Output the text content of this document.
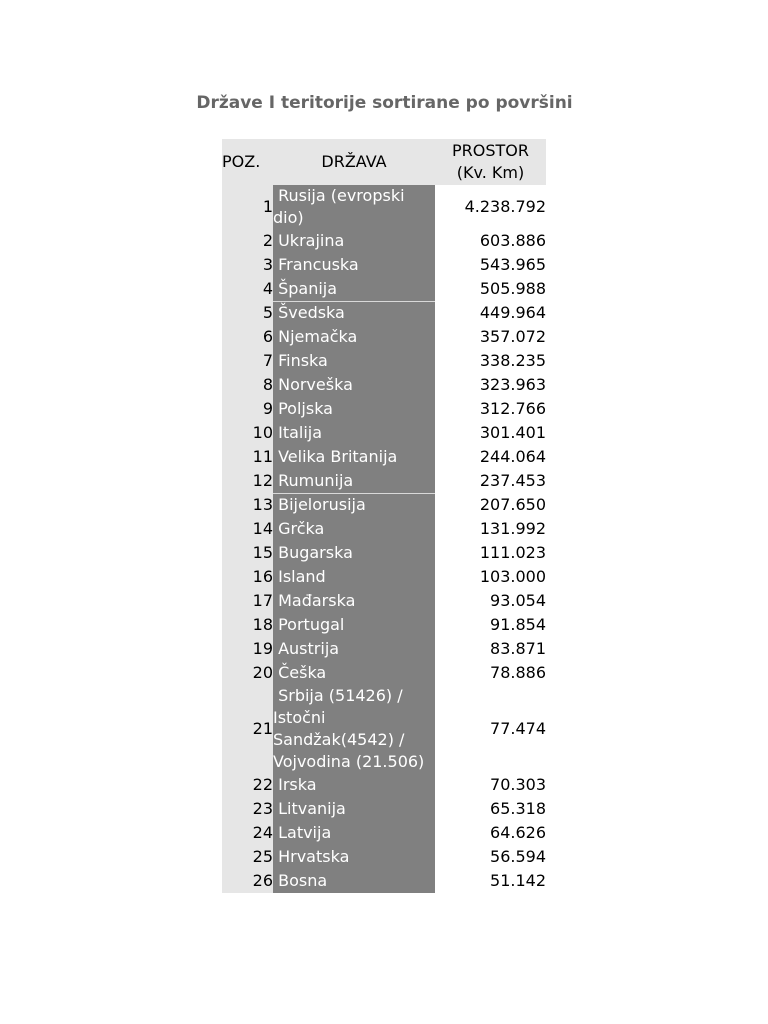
Države I teritorije sortirane po površini
POZ.	DRŽAVA	PROSTOR
(Kv. Km)
1	Rusija (evropski dio)	4.238.792
2	Ukrajina	603.886
3	Francuska	543.965
4	Španija	505.988
5	Švedska	449.964
6	Njemačka	357.072
7	Finska	338.235
8	Norveška	323.963
9	Poljska	312.766
10	Italija	301.401
11	Velika Britanija	244.064
12	Rumunija	237.453
13	Bijelorusija	207.650
14	Grčka	131.992
15	Bugarska	111.023
16	Island	103.000
17	Mađarska	93.054
18	Portugal	91.854
19	Austrija	83.871
20	Češka	78.886
21	Srbija (51426) / Istočni Sandžak(4542) / Vojvodina (21.506)	77.474
22	Irska	70.303
23	Litvanija	65.318
24	Latvija	64.626
25	Hrvatska	56.594
26	Bosna	51.142
